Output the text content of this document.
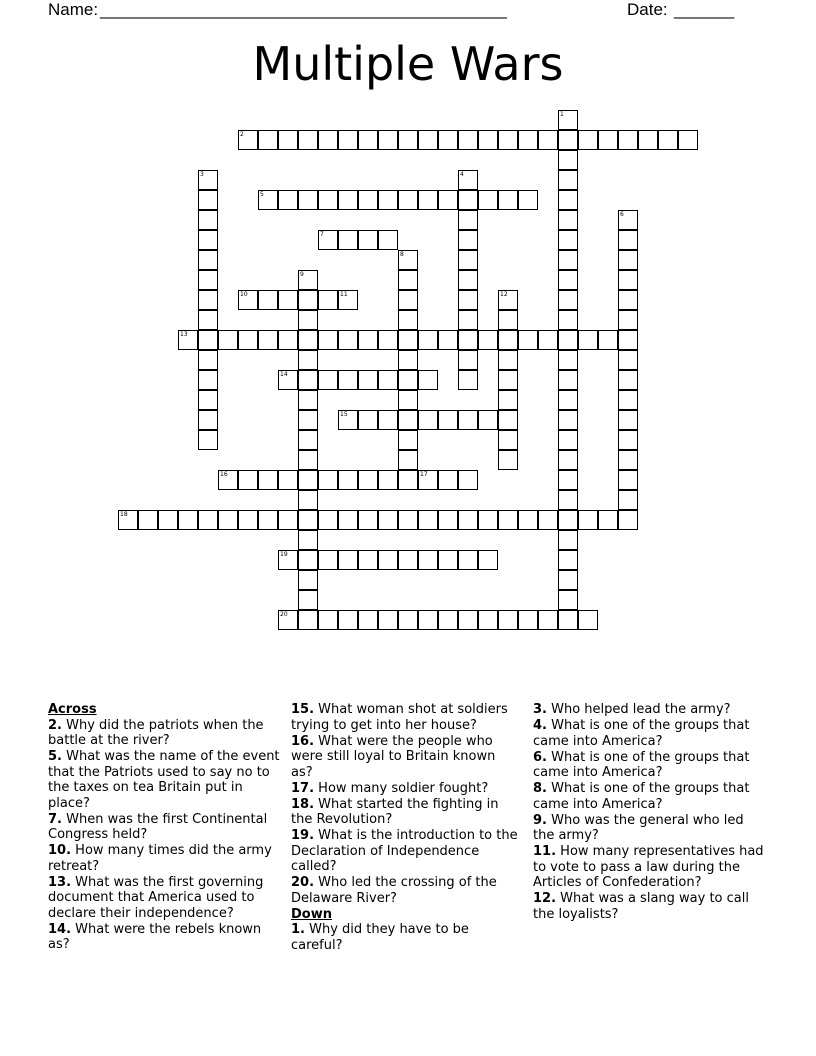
Name: ________________________________________________	Date: _______
Multiple Wars
2
5
7
10	11
13
14
15
16	17
18
19
20
1
3	4
6
8
9
12
Across
2. Why did the patriots when the battle at the river?
5. What was the name of the event that the Patriots used to say no to the taxes on tea Britain put in place?
7. When was the first Continental Congress held?
10. How many times did the army retreat?
13. What was the first governing document that America used to declare their independence?
14. What were the rebels known as?
15. What woman shot at soldiers trying to get into her house?
16. What were the people who were still loyal to Britain known as?
17. How many soldier fought?
18. What started the fighting in the Revolution?
19. What is the introduction to the Declaration of Independence called?
20. Who led the crossing of the Delaware River?
Down
1. Why did they have to be careful?
3. Who helped lead the army?
4. What is one of the groups that came into America?
6. What is one of the groups that came into America?
8. What is one of the groups that came into America?
9. Who was the general who led the army?
11. How many representatives had to vote to pass a law during the Articles of Confederation?
12. What was a slang way to call the loyalists?
